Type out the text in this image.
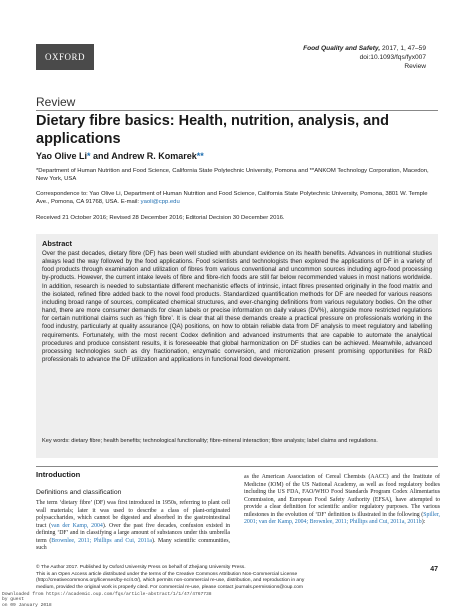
OXFORD
Food Quality and Safety, 2017, 1, 47–59
doi:10.1093/fqs/fyx007
Review
Review
Dietary fibre basics: Health, nutrition, analysis, and applications
Yao Olive Li* and Andrew R. Komarek**
*Department of Human Nutrition and Food Science, California State Polytechnic University, Pomona and **ANKOM Technology Corporation, Macedon, New York, USA
Correspondence to: Yao Olive Li, Department of Human Nutrition and Food Science, California State Polytechnic University, Pomona, 3801 W. Temple Ave., Pomona, CA 91768, USA. E-mail: yaoli@cpp.edu
Received 21 October 2016; Revised 28 December 2016; Editorial Decision 30 December 2016.
Abstract
Over the past decades, dietary fibre (DF) has been well studied with abundant evidence on its health benefits. Advances in nutritional studies always lead the way followed by the food applications. Food scientists and technologists then explored the applications of DF in a variety of food products through examination and utilization of fibres from various conventional and uncommon sources including agro-food processing by-products. However, the current intake levels of fibre and fibre-rich foods are still far below recommended values in most nations worldwide. In addition, research is needed to substantiate different mechanistic effects of intrinsic, intact fibres presented originally in the food matrix and the isolated, refined fibre added back to the novel food products. Standardized quantification methods for DF are needed for various reasons including broad range of sources, complicated chemical structures, and ever-changing definitions from various regulatory bodies. On the other hand, there are more consumer demands for clean labels or precise information on daily values (DV%), alongside more restricted regulations for certain nutritional claims such as ‘high fibre’. It is clear that all these demands create a practical pressure on professionals working in the food industry, particularly at quality assurance (QA) positions, on how to obtain reliable data from DF analysis to meet regulatory and labelling requirements. Fortunately, with the most recent Codex definition and advanced instruments that are capable to automate the analytical procedures and produce consistent results, it is foreseeable that global harmonization on DF studies can be achieved. Meanwhile, advanced processing technologies such as dry fractionation, enzymatic conversion, and micronization present promising opportunities for R&D professionals to advance the DF utilization and applications in functional food development.
Key words: dietary fibre; health benefits; technological functionality; fibre-mineral interaction; fibre analysis; label claims and regulations.

Introduction

Definitions and classification

The term ‘dietary fibre’ (DF) was first introduced in 1950s, referring to plant cell wall materials; later it was used to describe a class of plant-originated polysaccharides, which cannot be digested and absorbed in the gastrointestinal tract (van der Kamp, 2004). Over the past five decades, confusion existed in defining ‘DF’ and in classifying a large amount of substances under this umbrella term (Brownlee, 2011; Phillips and Cui, 2011a). Many scientific communities, such
as the American Association of Cereal Chemists (AACC) and the Institute of Medicine (IOM) of the US National Academy, as well as food regulatory bodies including the US FDA, FAO/WHO Food Standards Program Codex Alimentarius Commission, and European Food Safety Authority (EFSA), have attempted to provide a clear definition for scientific and/or regulatory purposes. The various milestones in the evolution of ‘DF’ definition is illustrated in the following (Spiller, 2001; van der Kamp, 2004; Brownlee, 2011; Phillips and Cui, 2011a, 2011b):
© The Author 2017. Published by Oxford University Press on behalf of Zhejiang University Press.
This is an Open Access article distributed under the terms of the Creative Commons Attribution Non-Commercial License
(http://creativecommons.org/licenses/by-nc/4.0/), which permits non-commercial re-use, distribution, and reproduction in any
medium, provided the original work is properly cited. For commercial re-use, please contact journals.permissions@oup.com
47
Downloaded from https://academic.oup.com/fqs/article-abstract/1/1/47/4767738
by guest
on 09 January 2018
